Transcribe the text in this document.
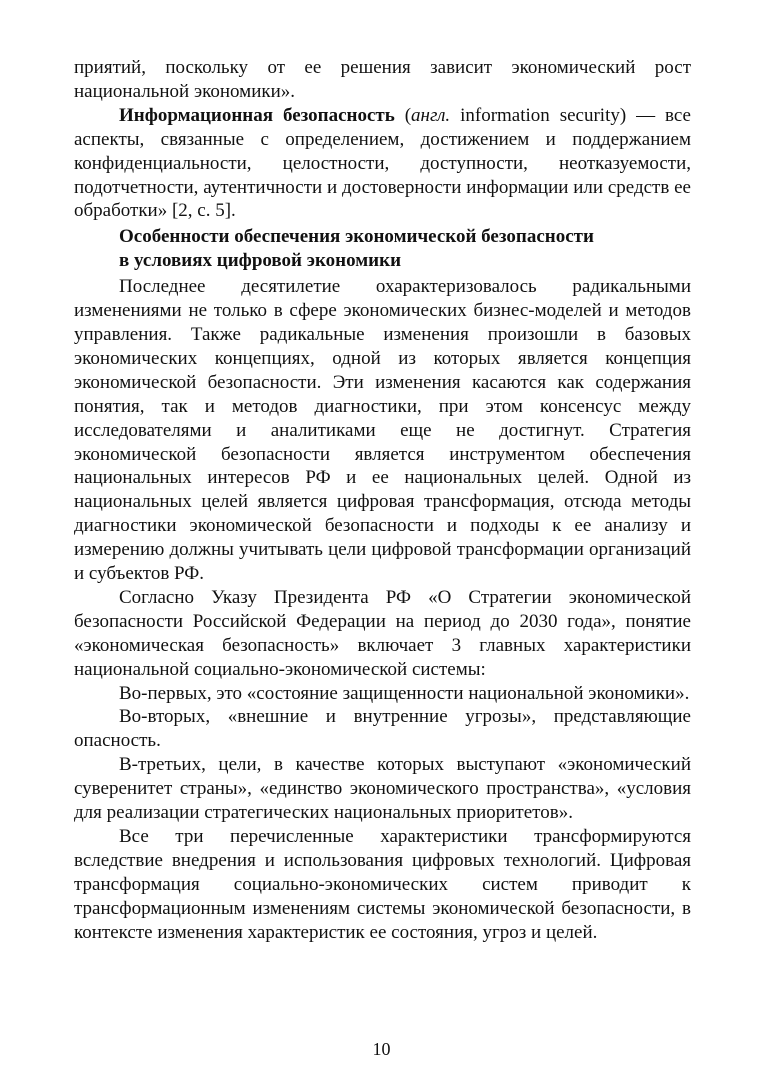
приятий, поскольку от ее решения зависит экономический рост национальной экономики».

Информационная безопасность (англ. information security) — все аспекты, связанные с определением, достижением и поддержанием конфиденциальности, целостности, доступности, неотказуемости, подотчетности, аутентичности и достоверности информации или средств ее обработки» [2, с. 5].

Особенности обеспечения экономической безопасности
в условиях цифровой экономики

Последнее десятилетие охарактеризовалось радикальными изменениями не только в сфере экономических бизнес-моделей и методов управления. Также радикальные изменения произошли в базовых экономических концепциях, одной из которых является концепция экономической безопасности. Эти изменения касаются как содержания понятия, так и методов диагностики, при этом консенсус между исследователями и аналитиками еще не достигнут. Стратегия экономической безопасности является инструментом обеспечения национальных интересов РФ и ее национальных целей. Одной из национальных целей является цифровая трансформация, отсюда методы диагностики экономической безопасности и подходы к ее анализу и измерению должны учитывать цели цифровой трансформации организаций и субъектов РФ.

Согласно Указу Президента РФ «О Стратегии экономической безопасности Российской Федерации на период до 2030 года», понятие «экономическая безопасность» включает 3 главных характеристики национальной социально-экономической системы:

Во-первых, это «состояние защищенности национальной экономики».

Во-вторых, «внешние и внутренние угрозы», представляющие опасность.

В-третьих, цели, в качестве которых выступают «экономический суверенитет страны», «единство экономического пространства», «условия для реализации стратегических национальных приоритетов».

Все три перечисленные характеристики трансформируются вследствие внедрения и использования цифровых технологий. Цифровая трансформация социально-экономических систем приводит к трансформационным изменениям системы экономической безопасности, в контексте изменения характеристик ее состояния, угроз и целей.

10
